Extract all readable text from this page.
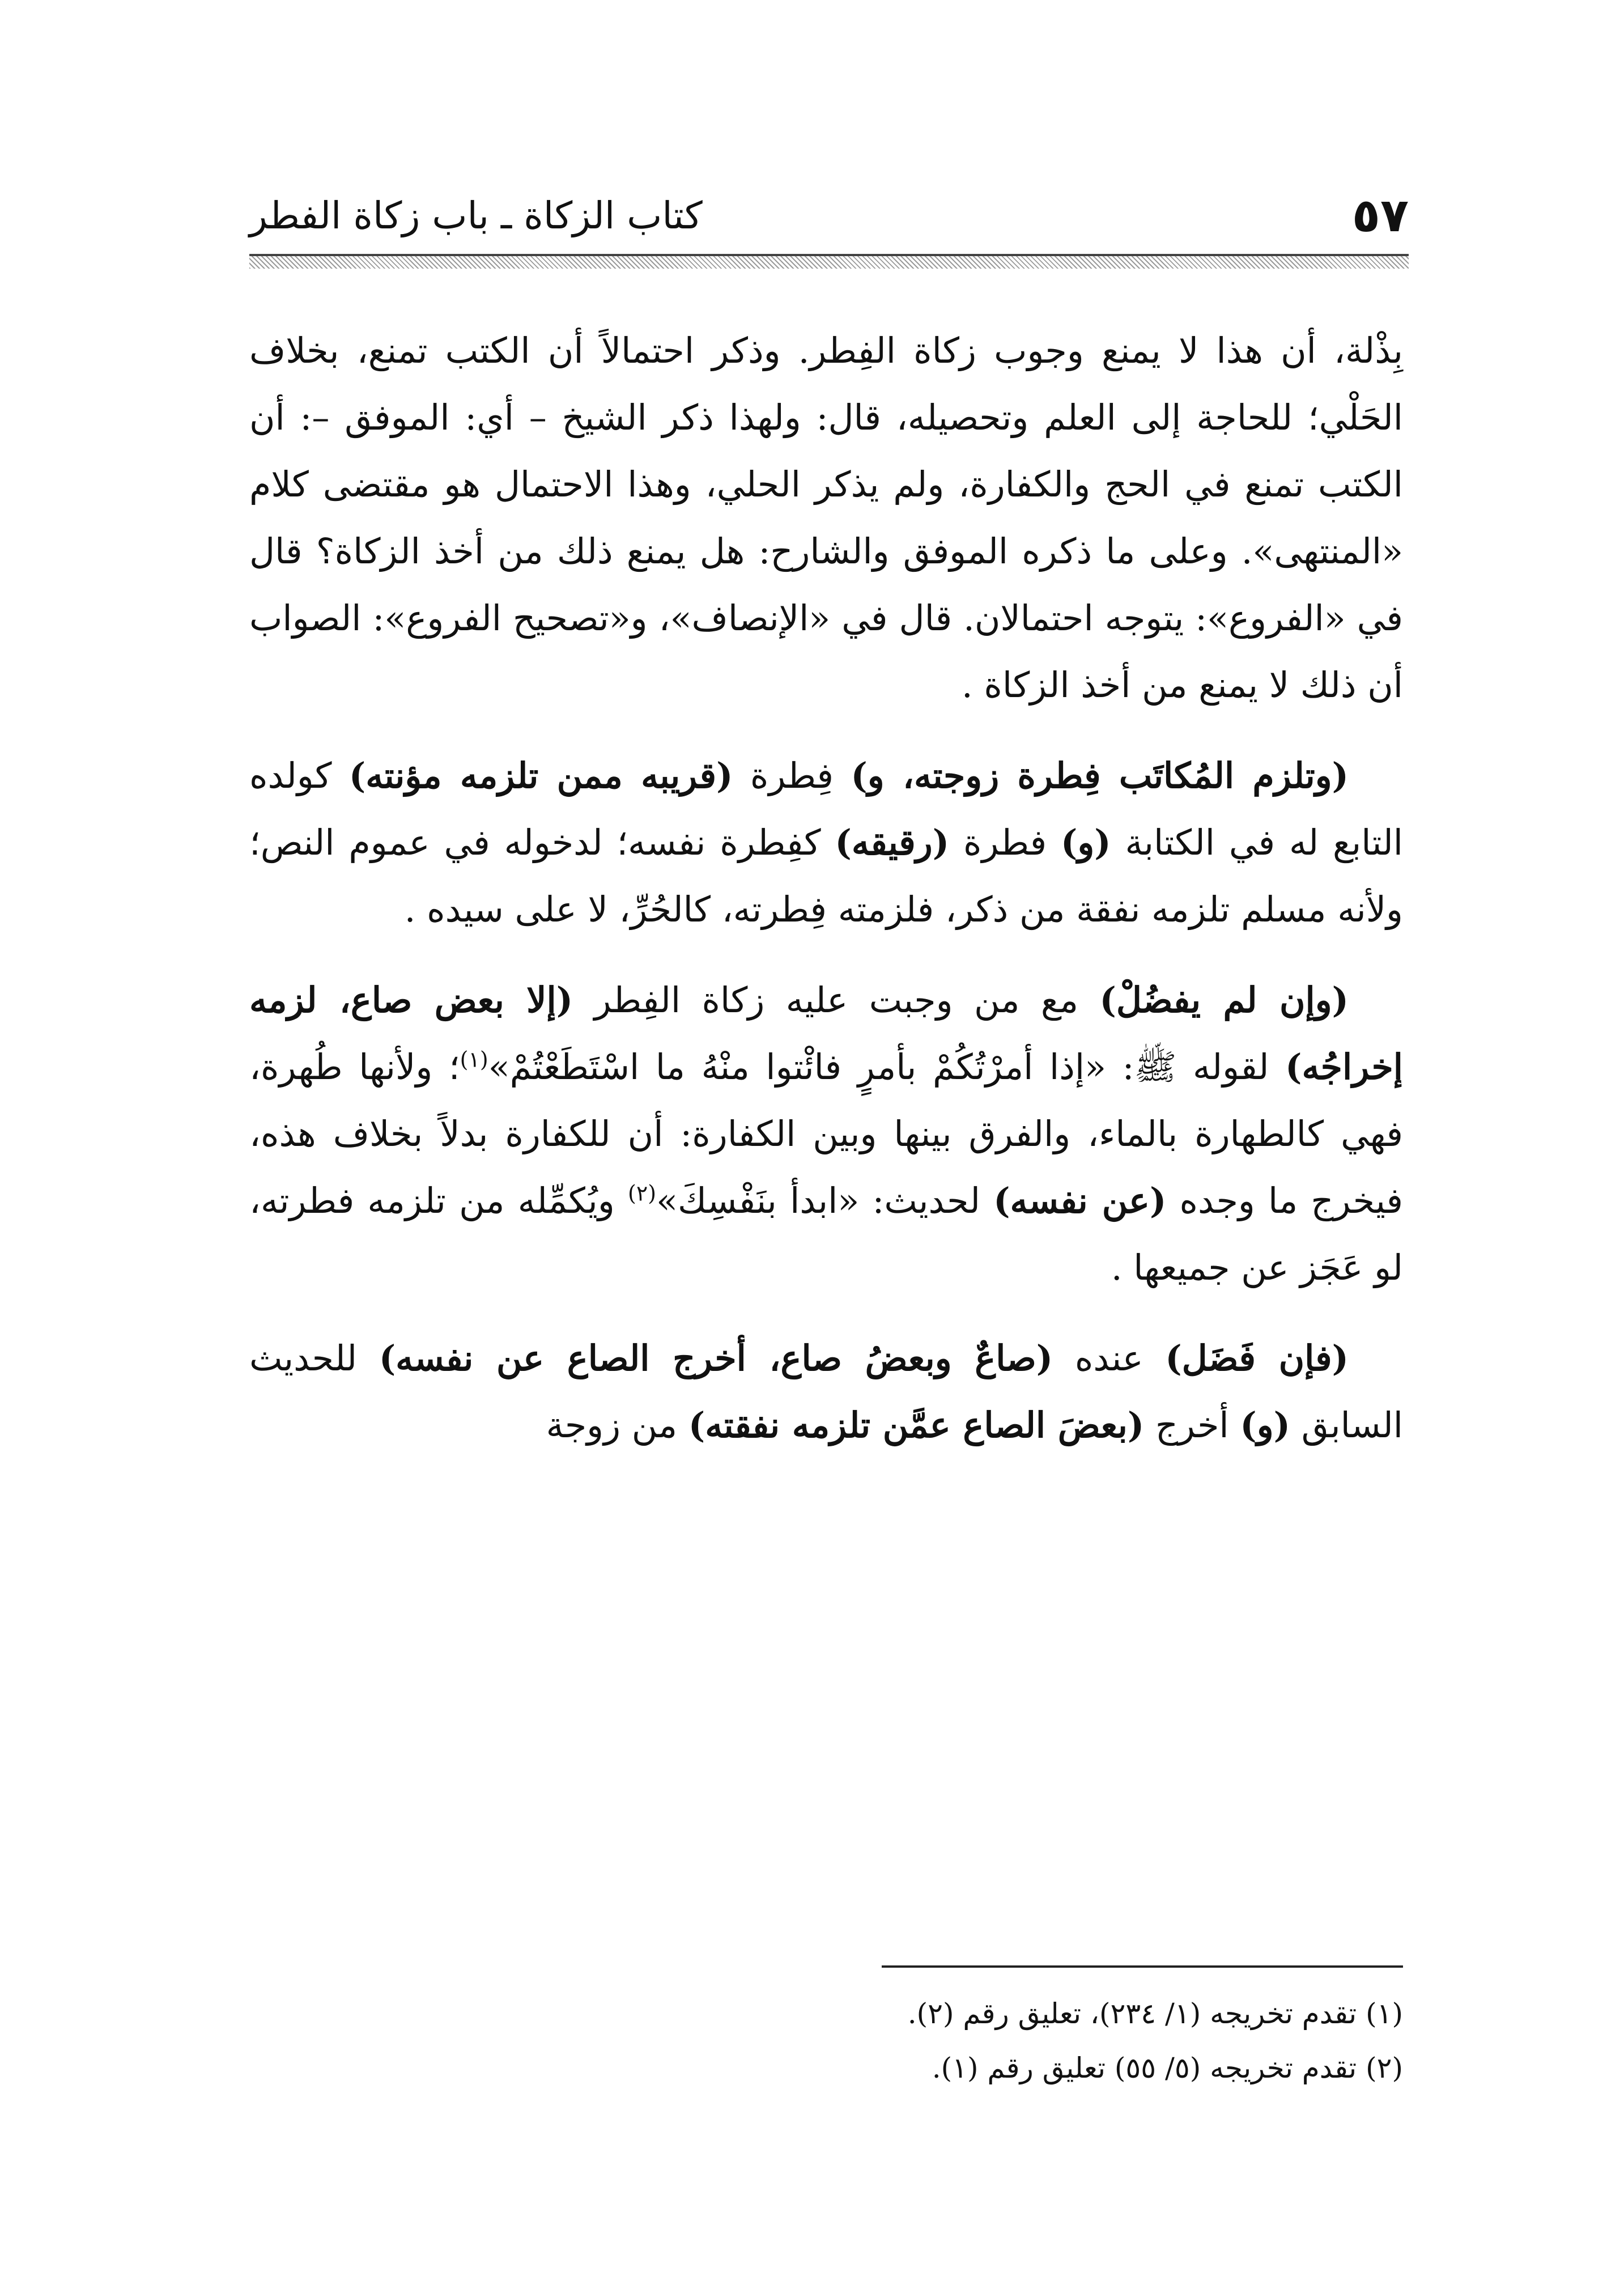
٥٧
كتاب الزكاة ـ باب زكاة الفطر

بِذْلة، أن هذا لا يمنع وجوب زكاة الفِطر. وذكر احتمالاً أن الكتب تمنع، بخلاف الحَلْي؛ للحاجة إلى العلم وتحصيله، قال: ولهذا ذكر الشيخ – أي: الموفق –: أن الكتب تمنع في الحج والكفارة، ولم يذكر الحلي، وهذا الاحتمال هو مقتضى كلام «المنتهى». وعلى ما ذكره الموفق والشارح: هل يمنع ذلك من أخذ الزكاة؟ قال في «الفروع»: يتوجه احتمالان. قال في «الإنصاف»، و«تصحيح الفروع»: الصواب أن ذلك لا يمنع من أخذ الزكاة .

(وتلزم المُكاتَب فِطرة زوجته، و) فِطرة (قريبه ممن تلزمه مؤنته) كولده التابع له في الكتابة (و) فطرة (رقيقه) كفِطرة نفسه؛ لدخوله في عموم النص؛ ولأنه مسلم تلزمه نفقة من ذكر، فلزمته فِطرته، كالحُرِّ، لا على سيده .

(وإن لم يفضُلْ) مع من وجبت عليه زكاة الفِطر (إلا بعض صاع، لزمه إخراجُه) لقوله ﷺ: «إذا أمرْتُكُمْ بأمرٍ فائْتوا منْهُ ما اسْتَطَعْتُمْ»$^{(١)}$؛ ولأنها طُهرة، فهي كالطهارة بالماء، والفرق بينها وبين الكفارة: أن للكفارة بدلاً بخلاف هذه، فيخرج ما وجده (عن نفسه) لحديث: «ابدأ بنَفْسِكَ»$^{(٢)}$ ويُكمِّله من تلزمه فطرته، لو عَجَز عن جميعها .

(فإن فَضَل) عنده (صاعٌ وبعضُ صاع، أخرج الصاع عن نفسه) للحديث السابق (و) أخرج (بعضَ الصاع عمَّن تلزمه نفقته) من زوجة

(١) تقدم تخريجه (١/ ٢٣٤)، تعليق رقم (٢).

(٢) تقدم تخريجه (٥/ ٥٥) تعليق رقم (١).
